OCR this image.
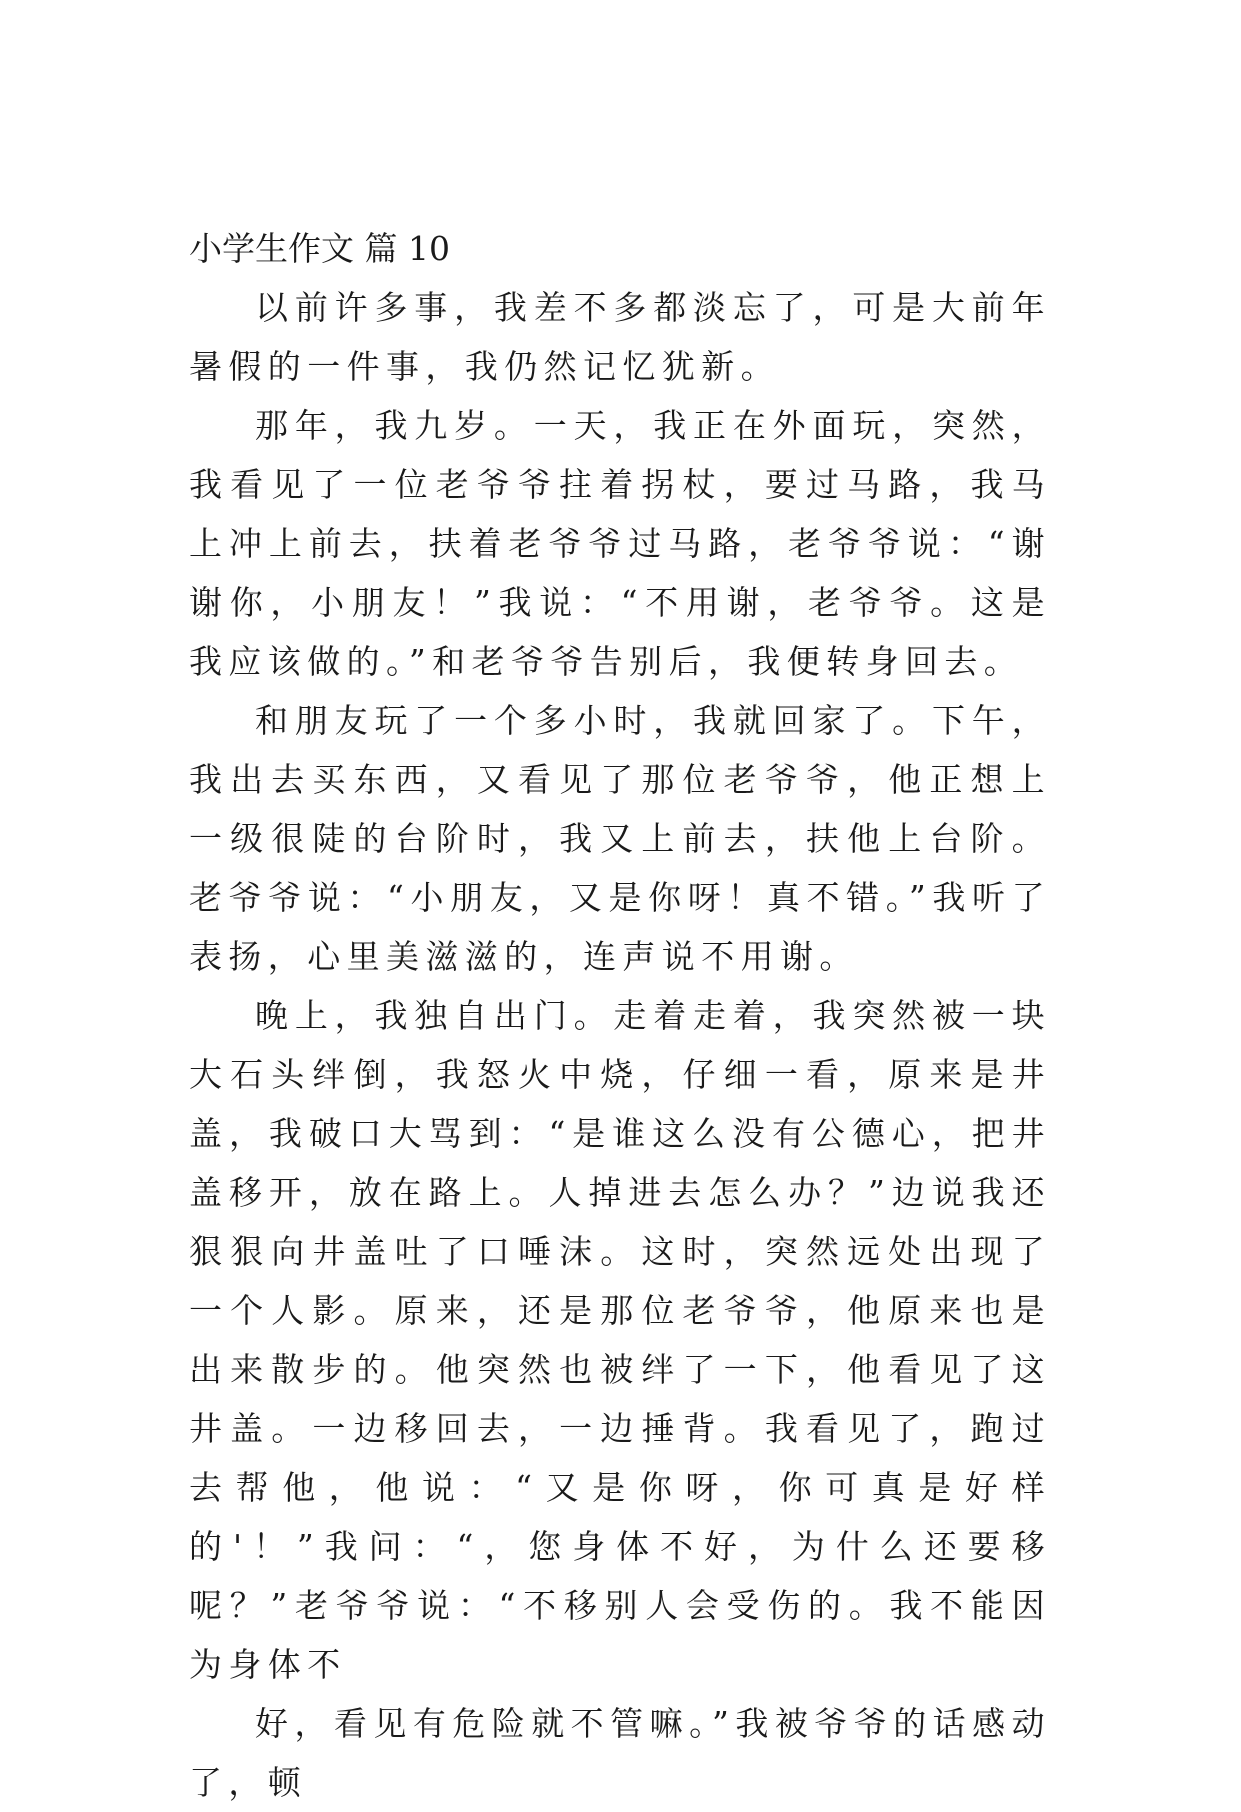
小学生作文 篇 10

以前许多事，我差不多都淡忘了，可是大前年暑假的一件事，我仍然记忆犹新。

那年，我九岁。一天，我正在外面玩，突然，我看见了一位老爷爷拄着拐杖，要过马路，我马上冲上前去，扶着老爷爷过马路，老爷爷说：“谢谢你，小朋友！”我说：“不用谢，老爷爷。这是我应该做的。”和老爷爷告别后，我便转身回去。

和朋友玩了一个多小时，我就回家了。下午，我出去买东西，又看见了那位老爷爷，他正想上一级很陡的台阶时，我又上前去，扶他上台阶。老爷爷说：“小朋友，又是你呀！真不错。”我听了表扬，心里美滋滋的，连声说不用谢。

晚上，我独自出门。走着走着，我突然被一块大石头绊倒，我怒火中烧，仔细一看，原来是井盖，我破口大骂到：“是谁这么没有公德心，把井盖移开，放在路上。人掉进去怎么办？”边说我还狠狠向井盖吐了口唾沫。这时，突然远处出现了一个人影。原来，还是那位老爷爷，他原来也是出来散步的。他突然也被绊了一下，他看见了这井盖。一边移回去，一边捶背。我看见了，跑过去帮他，他说：“又是你呀，你可真是好样的'！”我问：“，您身体不好，为什么还要移呢？”老爷爷说：“不移别人会受伤的。我不能因为身体不

好，看见有危险就不管嘛。”我被爷爷的话感动了，顿
